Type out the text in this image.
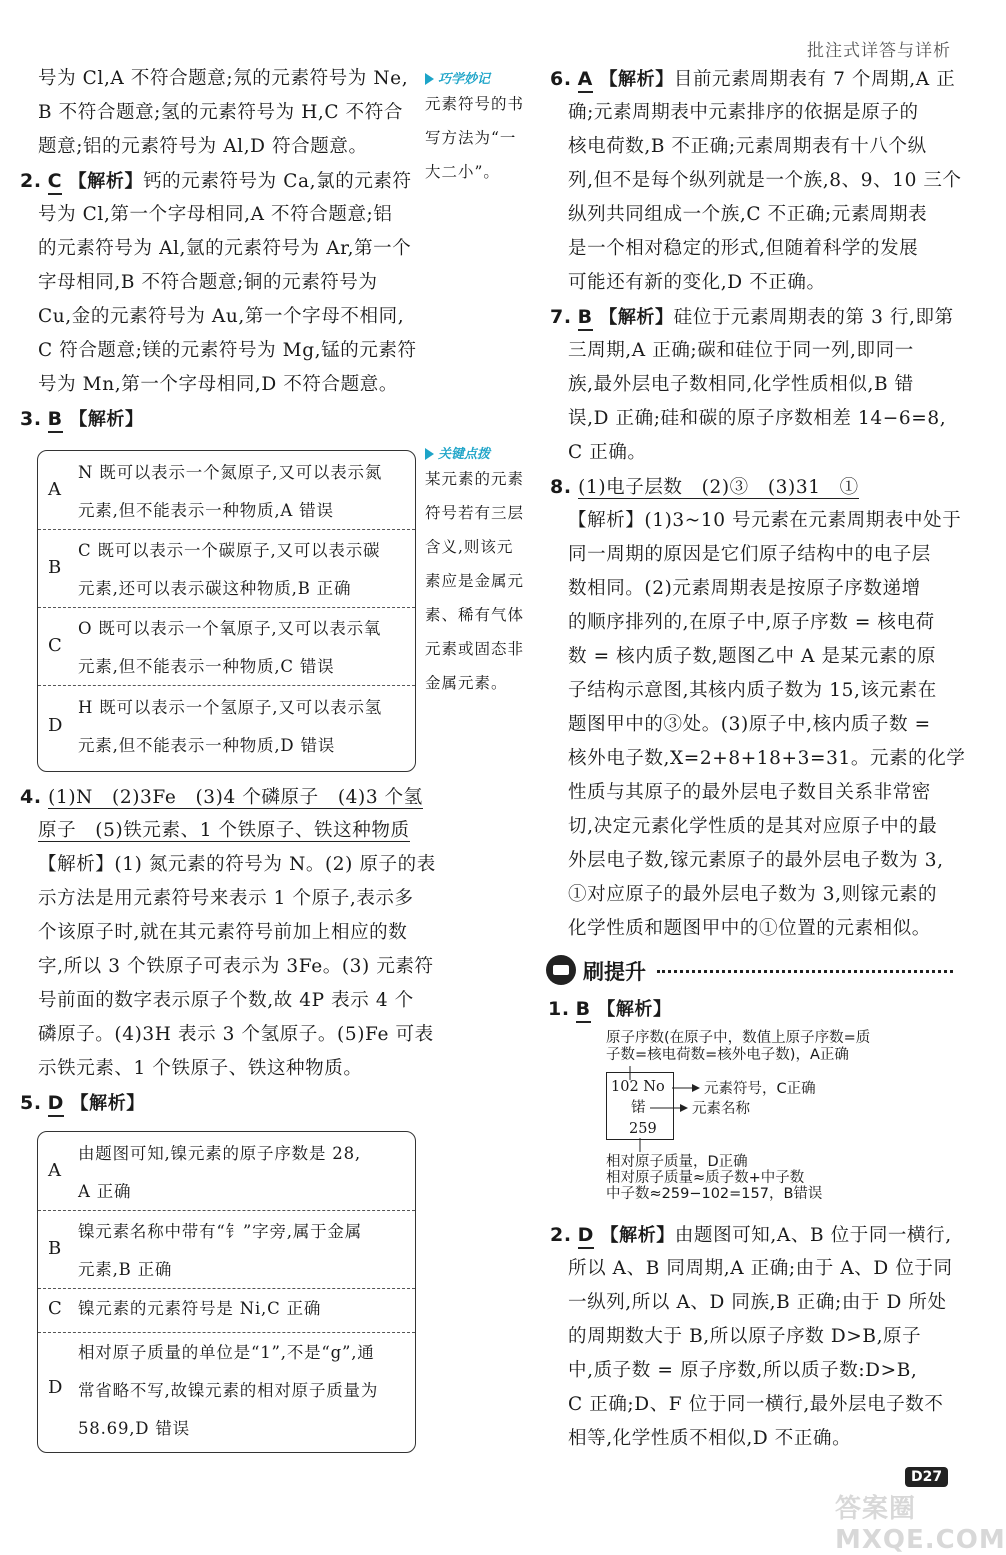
批注式详答与详析
号为 Cl,A 不符合题意;氖的元素符号为 Ne,
B 不符合题意;氢的元素符号为 H,C 不符合
题意;铝的元素符号为 Al,D 符合题意。
2. C 【解析】钙的元素符号为 Ca,氯的元素符
号为 Cl,第一个字母相同,A 不符合题意;铝
的元素符号为 Al,氩的元素符号为 Ar,第一个
字母相同,B 不符合题意;铜的元素符号为
Cu,金的元素符号为 Au,第一个字母不相同,
C 符合题意;镁的元素符号为 Mg,锰的元素符
号为 Mn,第一个字母相同,D 不符合题意。
3. B 【解析】
A
N 既可以表示一个氮原子,又可以表示氮
元素,但不能表示一种物质,A 错误
B
C 既可以表示一个碳原子,又可以表示碳
元素,还可以表示碳这种物质,B 正确
C
O 既可以表示一个氧原子,又可以表示氧
元素,但不能表示一种物质,C 错误
D
H 既可以表示一个氢原子,又可以表示氢
元素,但不能表示一种物质,D 错误
4. (1)N　(2)3Fe　(3)4 个磷原子　(4)3 个氢
原子　(5)铁元素、1 个铁原子、铁这种物质
【解析】(1) 氮元素的符号为 N。(2) 原子的表
示方法是用元素符号来表示 1 个原子,表示多
个该原子时,就在其元素符号前加上相应的数
字,所以 3 个铁原子可表示为 3Fe。(3) 元素符
号前面的数字表示原子个数,故 4P 表示 4 个
磷原子。(4)3H 表示 3 个氢原子。(5)Fe 可表
示铁元素、1 个铁原子、铁这种物质。
5. D 【解析】
A
由题图可知,镍元素的原子序数是 28,
A 正确
B
镍元素名称中带有“钅”字旁,属于金属
元素,B 正确
C 镍元素的元素符号是 Ni,C 正确
D
相对原子质量的单位是“1”,不是“g”,通
常省略不写,故镍元素的相对原子质量为
58.69,D 错误
巧学妙记
元素符号的书
写方法为“一
大二小”。
关键点拨
某元素的元素
符号若有三层
含义,则该元
素应是金属元
素、稀有气体
元素或固态非
金属元素。
6. A 【解析】目前元素周期表有 7 个周期,A 正
确;元素周期表中元素排序的依据是原子的
核电荷数,B 不正确;元素周期表有十八个纵
列,但不是每个纵列就是一个族,8、9、10 三个
纵列共同组成一个族,C 不正确;元素周期表
是一个相对稳定的形式,但随着科学的发展
可能还有新的变化,D 不正确。
7. B 【解析】硅位于元素周期表的第 3 行,即第
三周期,A 正确;碳和硅位于同一列,即同一
族,最外层电子数相同,化学性质相似,B 错
误,D 正确;硅和碳的原子序数相差 14−6=8,
C 正确。
8. (1)电子层数　(2)③　(3)31　①
【解析】(1)3~10 号元素在元素周期表中处于
同一周期的原因是它们原子结构中的电子层
数相同。(2)元素周期表是按原子序数递增
的顺序排列的,在原子中,原子序数 = 核电荷
数 = 核内质子数,题图乙中 A 是某元素的原
子结构示意图,其核内质子数为 15,该元素在
题图甲中的③处。(3)原子中,核内质子数 =
核外电子数,X=2+8+18+3=31。元素的化学
性质与其原子的最外层电子数目关系非常密
切,决定元素化学性质的是其对应原子中的最
外层电子数,镓元素原子的最外层电子数为 3,
①对应原子的最外层电子数为 3,则镓元素的
化学性质和题图甲中的①位置的元素相似。
刷提升
1. B 【解析】
原子序数(在原子中，数值上原子序数=质
子数=核电荷数=核外电子数)，A正确
102 No
锘
259
元素符号，C正确
元素名称
相对原子质量，D正确
相对原子质量≈质子数+中子数
中子数≈259−102=157，B错误
2. D 【解析】由题图可知,A、B 位于同一横行,
所以 A、B 同周期,A 正确;由于 A、D 位于同
一纵列,所以 A、D 同族,B 正确;由于 D 所处
的周期数大于 B,所以原子序数 D>B,原子
中,质子数 = 原子序数,所以质子数:D>B,
C 正确;D、F 位于同一横行,最外层电子数不
相等,化学性质不相似,D 不正确。
D27
答案圈 MXQE.COM
